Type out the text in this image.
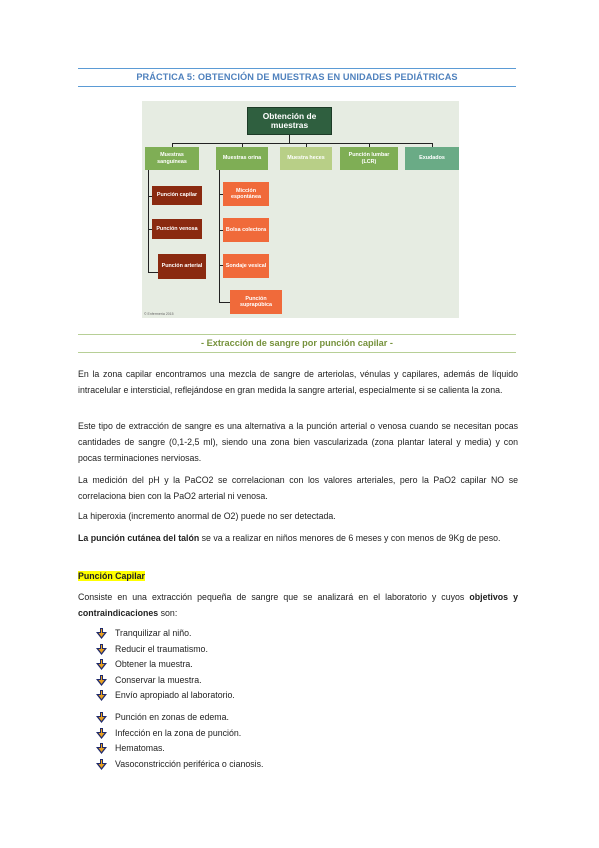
PRÁCTICA 5: OBTENCIÓN DE MUESTRAS EN UNIDADES PEDIÁTRICAS
Obtención de muestras
Muestras sanguíneas
Muestras orina	Muestra heces
Punción lumbar (LCR)
Exudados
Punción capilar
Punción venosa
Punción arterial
Micción espontánea
Bolsa colectora
Sondaje vesical
Punción suprapúbica
© Enfermería 2015
- Extracción de sangre por punción capilar -

En la zona capilar encontramos una mezcla de sangre de arteriolas, vénulas y capilares, además de líquido intracelular e intersticial, reflejándose en gran medida la sangre arterial, especialmente si se calienta la zona.

Este tipo de extracción de sangre es una alternativa a la punción arterial o venosa cuando se necesitan pocas cantidades de sangre (0,1-2,5 ml), siendo una zona bien vascularizada (zona plantar lateral y media) y con pocas terminaciones nerviosas.

La medición del pH y la PaCO2 se correlacionan con los valores arteriales, pero la PaO2 capilar NO se correlaciona bien con la PaO2 arterial ni venosa.

La hiperoxia (incremento anormal de O2) puede no ser detectada.

La punción cutánea del talón se va a realizar en niños menores de 6 meses y con menos de 9Kg de peso.

Punción Capilar

Consiste en una extracción pequeña de sangre que se analizará en el laboratorio y cuyos objetivos y contraindicaciones son:

Tranquilizar al niño.
Reducir el traumatismo.
Obtener la muestra.
Conservar la muestra.
Envío apropiado al laboratorio.
Punción en zonas de edema.
Infección en la zona de punción.
Hematomas.
Vasoconstricción periférica o cianosis.
